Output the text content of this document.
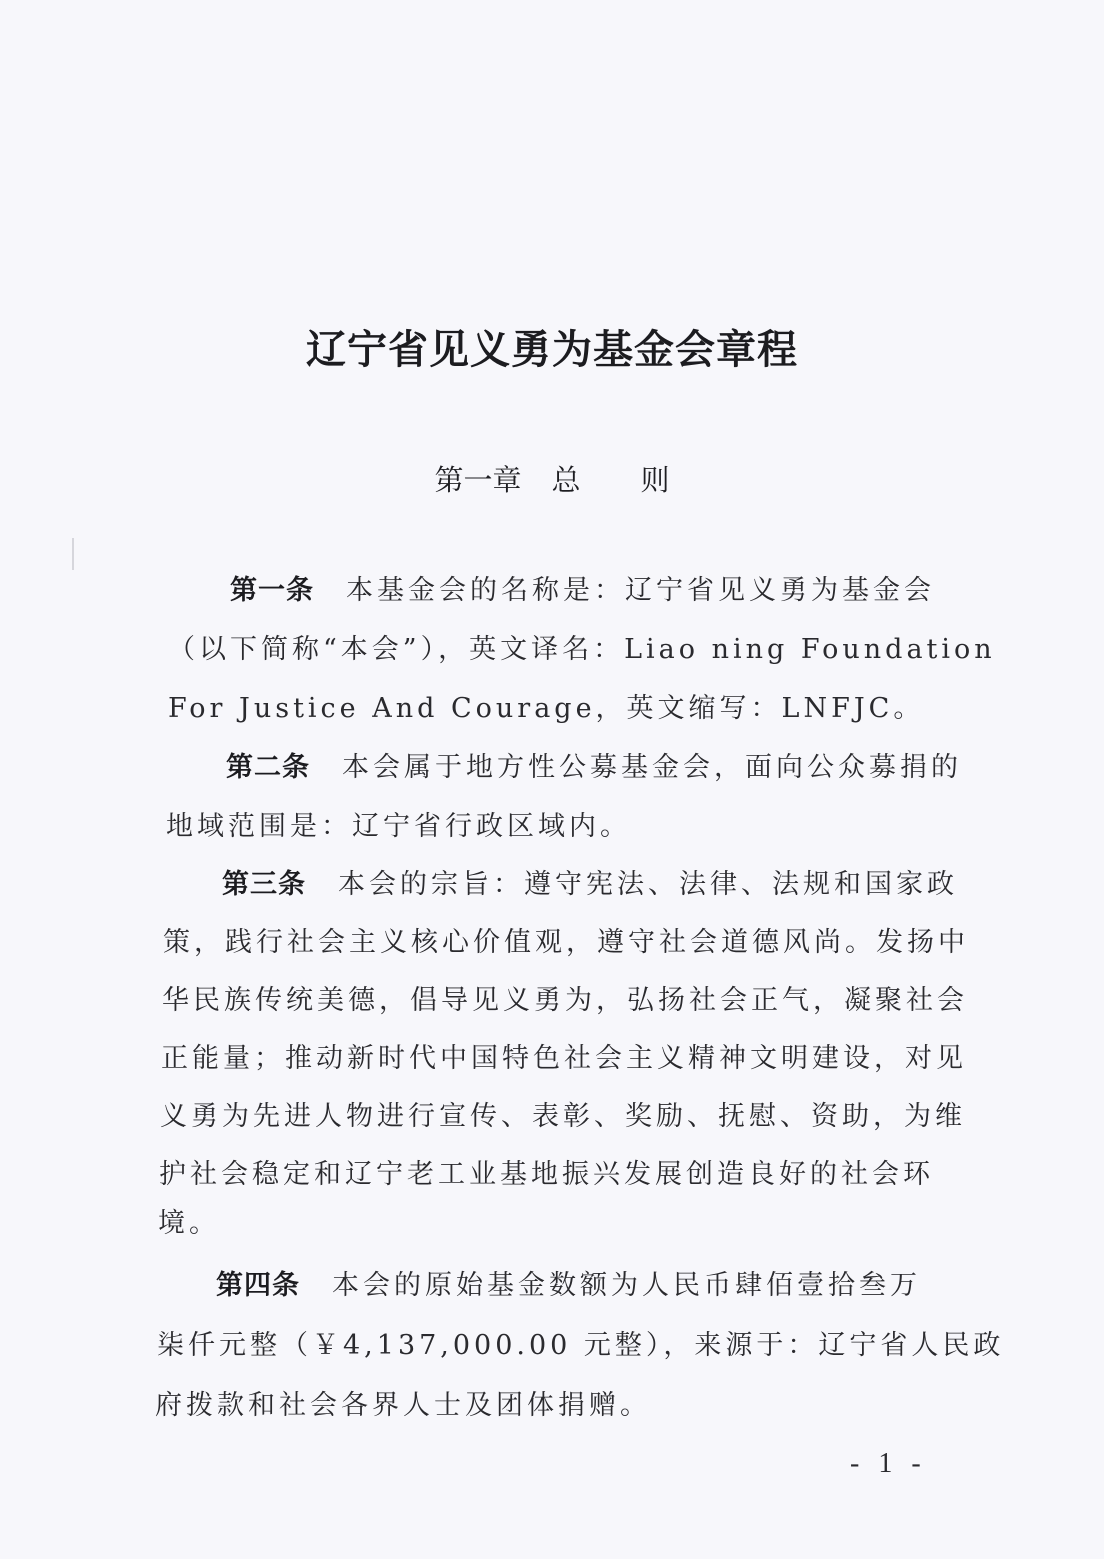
辽宁省见义勇为基金会章程
第一章 总 则
第一条 本基金会的名称是：辽宁省见义勇为基金会
（以下简称“本会”），英文译名：Liao ning Foundation
For Justice And Courage，英文缩写：LNFJC。
第二条 本会属于地方性公募基金会，面向公众募捐的
地域范围是：辽宁省行政区域内。
第三条 本会的宗旨：遵守宪法、法律、法规和国家政
策，践行社会主义核心价值观，遵守社会道德风尚。发扬中
华民族传统美德，倡导见义勇为，弘扬社会正气，凝聚社会
正能量；推动新时代中国特色社会主义精神文明建设，对见
义勇为先进人物进行宣传、表彰、奖励、抚慰、资助，为维
护社会稳定和辽宁老工业基地振兴发展创造良好的社会环
境。
第四条 本会的原始基金数额为人民币肆佰壹拾叁万
柒仟元整（￥4,137,000.00 元整），来源于：辽宁省人民政
府拨款和社会各界人士及团体捐赠。
- 1 -
